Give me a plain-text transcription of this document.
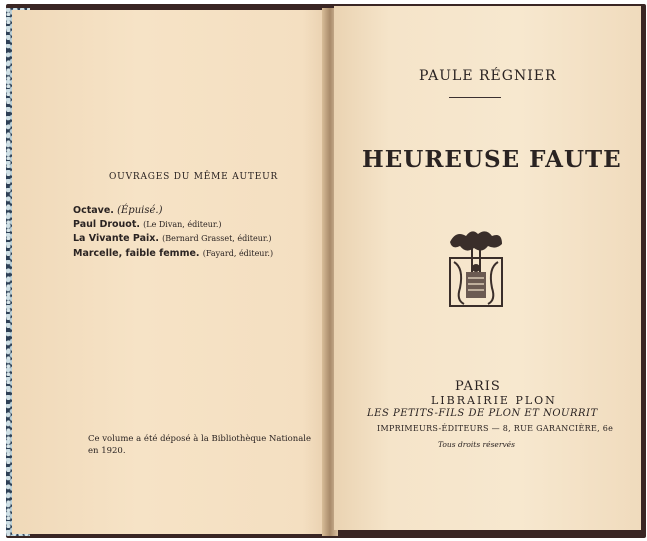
OUVRAGES DU MÊME AUTEUR
Octave. (Épuisé.)
Paul Drouot. (Le Divan, éditeur.)
La Vivante Paix. (Bernard Grasset, éditeur.)
Marcelle, faible femme. (Fayard, éditeur.)
Ce volume a été déposé à la Bibliothèque Nationale en 1920.
PAULE RÉGNIER
HEUREUSE FAUTE
PARIS
LIBRAIRIE PLON
LES PETITS-FILS DE PLON ET NOURRIT
IMPRIMEURS-ÉDITEURS — 8, RUE GARANCIÈRE, 6e
Tous droits réservés
